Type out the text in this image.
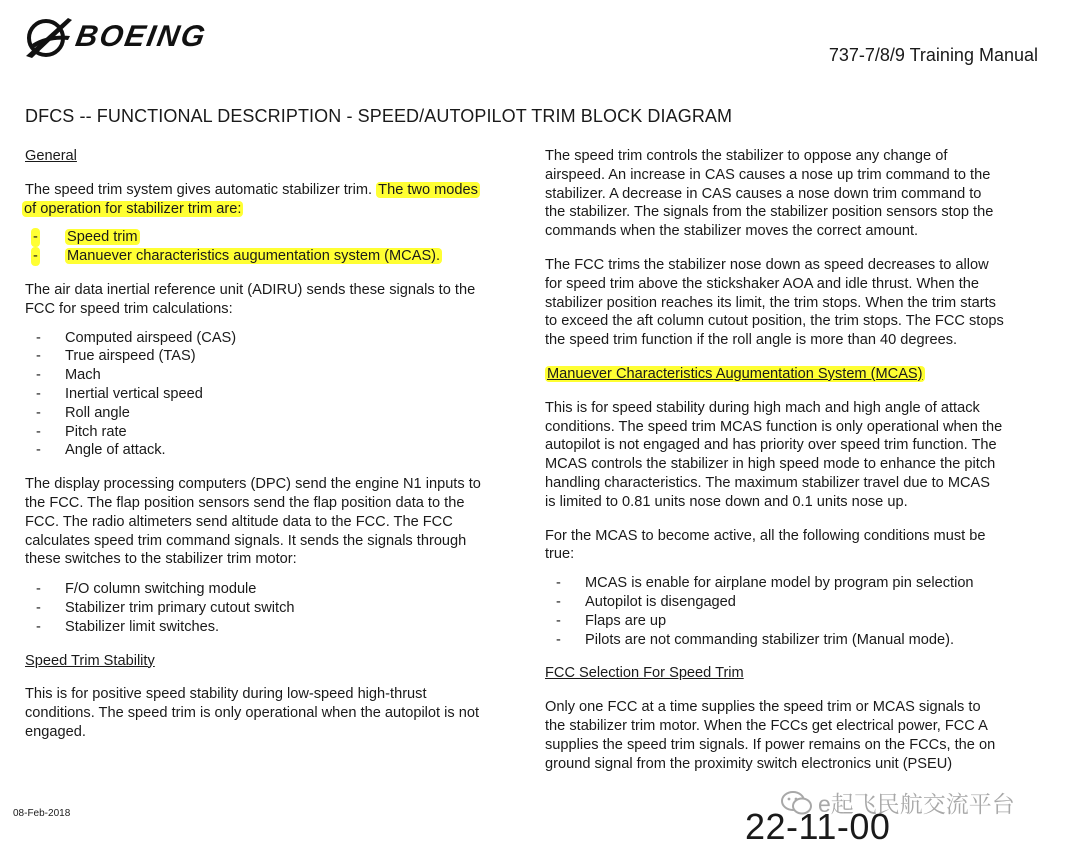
BOEING
737-7/8/9 Training Manual
DFCS -- FUNCTIONAL DESCRIPTION - SPEED/AUTOPILOT TRIM BLOCK DIAGRAM

General

The speed trim system gives automatic stabilizer trim. The two modes

of operation for stabilizer trim are:

- Speed trim

- Manuever characteristics augumentation system (MCAS).

The air data inertial reference unit (ADIRU) sends these signals to the

FCC for speed trim calculations:

- Computed airspeed (CAS)

- True airspeed (TAS)

- Mach

- Inertial vertical speed

- Roll angle

- Pitch rate

- Angle of attack.

The display processing computers (DPC) send the engine N1 inputs to

the FCC. The flap position sensors send the flap position data to the

FCC. The radio altimeters send altitude data to the FCC. The FCC

calculates speed trim command signals. It sends the signals through

these switches to the stabilizer trim motor:

- F/O column switching module

- Stabilizer trim primary cutout switch

- Stabilizer limit switches.

Speed Trim Stability

This is for positive speed stability during low-speed high-thrust

conditions. The speed trim is only operational when the autopilot is not

engaged.

The speed trim controls the stabilizer to oppose any change of

airspeed. An increase in CAS causes a nose up trim command to the

stabilizer. A decrease in CAS causes a nose down trim command to

the stabilizer. The signals from the stabilizer position sensors stop the

commands when the stabilizer moves the correct amount.

The FCC trims the stabilizer nose down as speed decreases to allow

for speed trim above the stickshaker AOA and idle thrust. When the

stabilizer position reaches its limit, the trim stops. When the trim starts

to exceed the aft column cutout position, the trim stops. The FCC stops

the speed trim function if the roll angle is more than 40 degrees.

Manuever Characteristics Augumentation System (MCAS)

This is for speed stability during high mach and high angle of attack

conditions. The speed trim MCAS function is only operational when the

autopilot is not engaged and has priority over speed trim function. The

MCAS controls the stabilizer in high speed mode to enhance the pitch

handling characteristics. The maximum stabilizer travel due to MCAS

is limited to 0.81 units nose down and 0.1 units nose up.

For the MCAS to become active, all the following conditions must be

true:

- MCAS is enable for airplane model by program pin selection

- Autopilot is disengaged

- Flaps are up

- Pilots are not commanding stabilizer trim (Manual mode).

FCC Selection For Speed Trim

Only one FCC at a time supplies the speed trim or MCAS signals to

the stabilizer trim motor. When the FCCs get electrical power, FCC A

supplies the speed trim signals. If power remains on the FCCs, the on

ground signal from the proximity switch electronics unit (PSEU)

08-Feb-2018	e起飞民航交流平台
22-11-00
